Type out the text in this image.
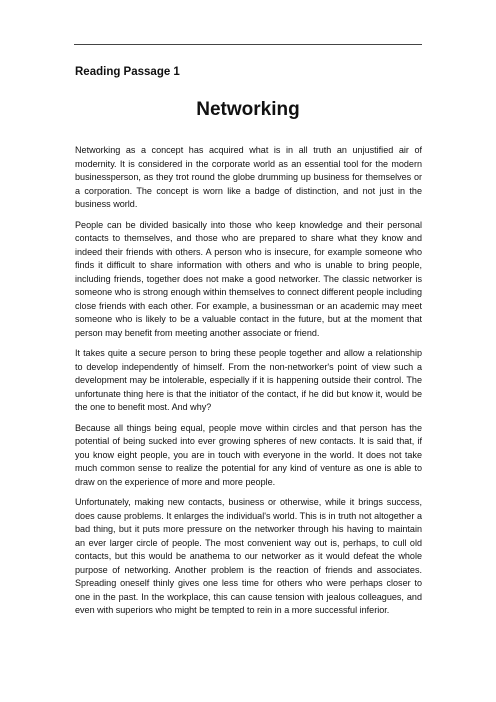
Reading Passage 1
Networking

Networking as a concept has acquired what is in all truth an unjustified air of modernity. It is considered in the corporate world as an essential tool for the modern businessperson, as they trot round the globe drumming up business for themselves or a corporation. The concept is worn like a badge of distinction, and not just in the business world.

People can be divided basically into those who keep knowledge and their personal contacts to themselves, and those who are prepared to share what they know and indeed their friends with others. A person who is insecure, for example someone who finds it difficult to share information with others and who is unable to bring people, including friends, together does not make a good networker. The classic networker is someone who is strong enough within themselves to connect different people including close friends with each other. For example, a businessman or an academic may meet someone who is likely to be a valuable contact in the future, but at the moment that person may benefit from meeting another associate or friend.

It takes quite a secure person to bring these people together and allow a relationship to develop independently of himself. From the non-networker's point of view such a development may be intolerable, especially if it is happening outside their control. The unfortunate thing here is that the initiator of the contact, if he did but know it, would be the one to benefit most. And why?

Because all things being equal, people move within circles and that person has the potential of being sucked into ever growing spheres of new contacts. It is said that, if you know eight people, you are in touch with everyone in the world. It does not take much common sense to realize the potential for any kind of venture as one is able to draw on the experience of more and more people.

Unfortunately, making new contacts, business or otherwise, while it brings success, does cause problems. It enlarges the individual's world. This is in truth not altogether a bad thing, but it puts more pressure on the networker through his having to maintain an ever larger circle of people. The most convenient way out is, perhaps, to cull old contacts, but this would be anathema to our networker as it would defeat the whole purpose of networking. Another problem is the reaction of friends and associates. Spreading oneself thinly gives one less time for others who were perhaps closer to one in the past. In the workplace, this can cause tension with jealous colleagues, and even with superiors who might be tempted to rein in a more successful inferior.
